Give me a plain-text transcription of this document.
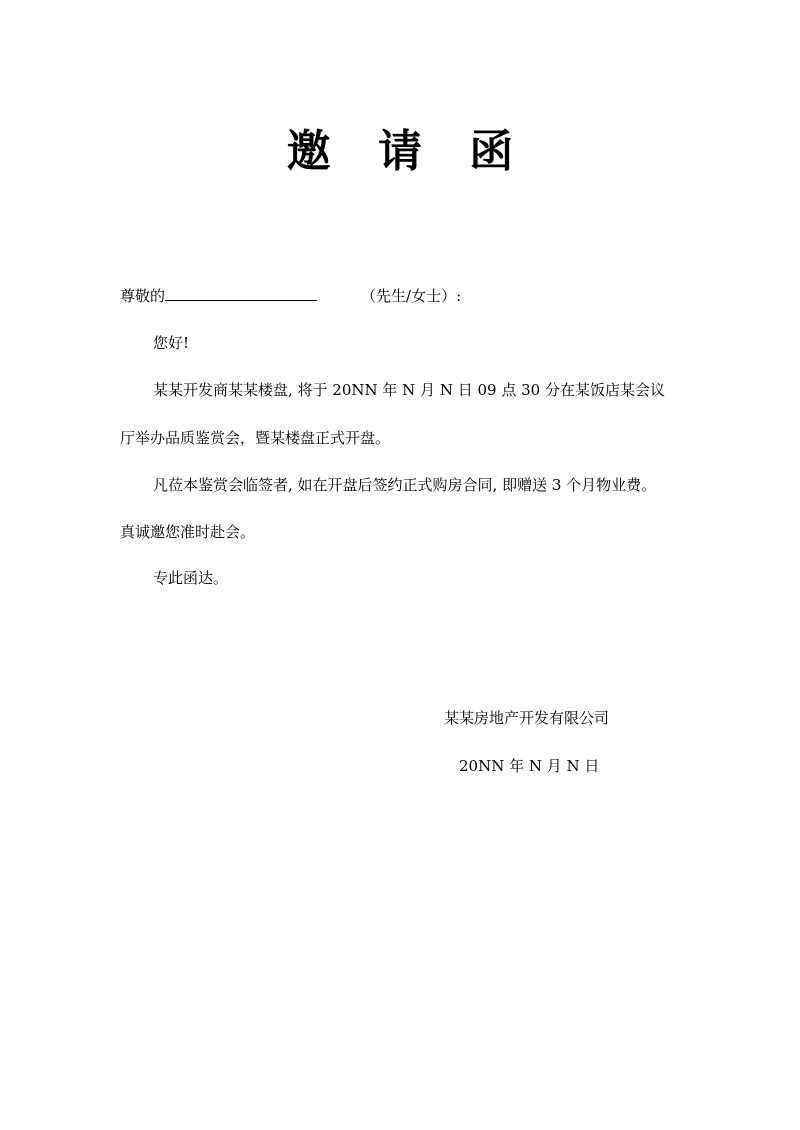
邀 请 函
尊敬的	（先生/女士）:
您好!
某某开发商某某楼盘, 将于 20NN 年 N 月 N 日 09 点 30 分在某饭店某会议
厅举办品质鉴赏会，暨某楼盘正式开盘。
凡莅本鉴赏会临签者, 如在开盘后签约正式购房合同, 即赠送 3 个月物业费。
真诚邀您准时赴会。
专此函达。
某某房地产开发有限公司
20NN 年 N 月 N 日
